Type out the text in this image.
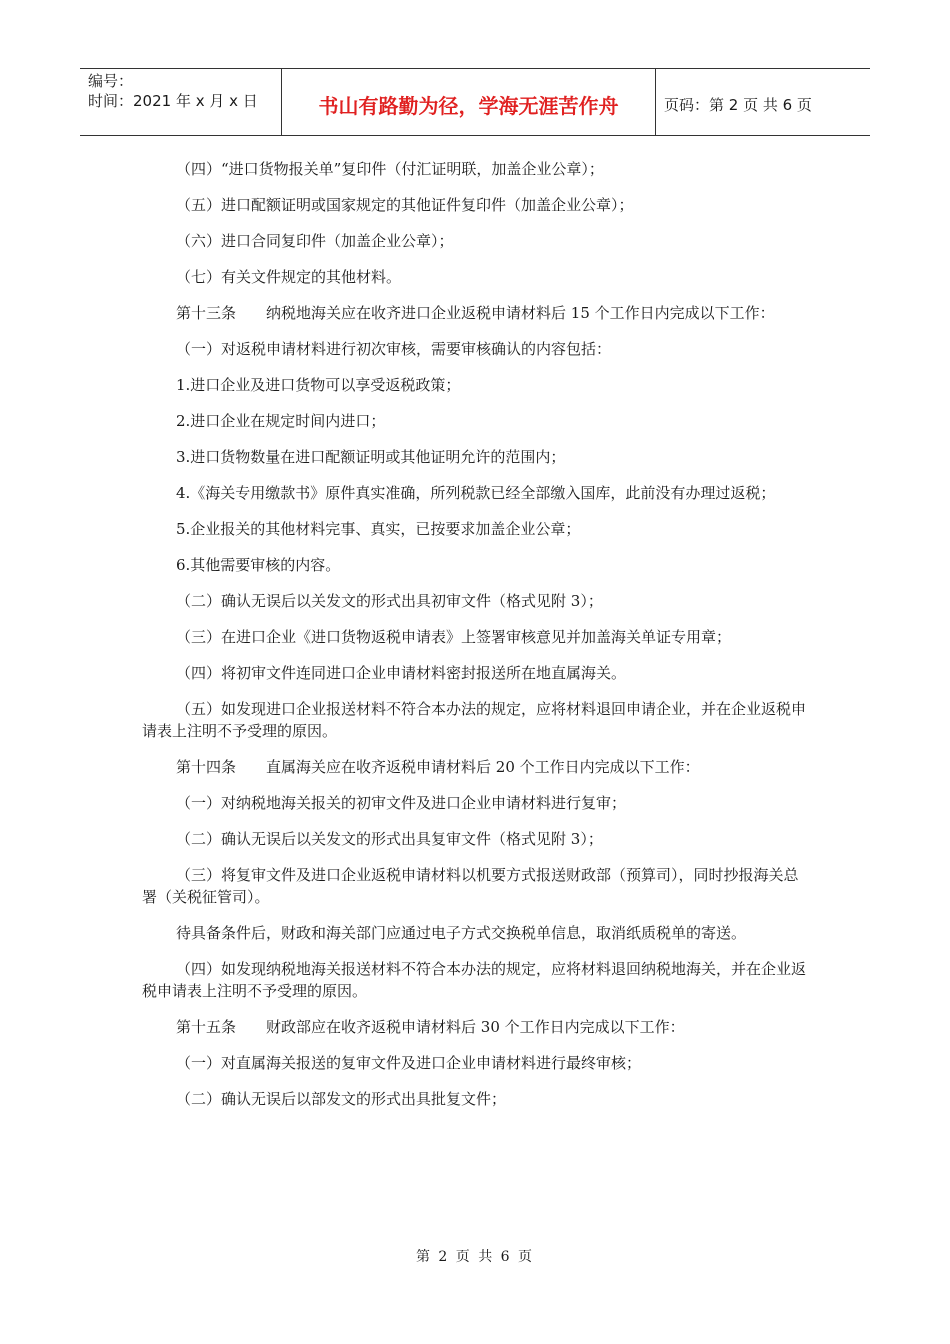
编号：
时间：2021 年 x 月 x 日	书山有路勤为径，学海无涯苦作舟	页码：第 2 页 共 6 页

（四）“进口货物报关单”复印件（付汇证明联，加盖企业公章）；

（五）进口配额证明或国家规定的其他证件复印件（加盖企业公章）；

（六）进口合同复印件（加盖企业公章）；

（七）有关文件规定的其他材料。

第十三条　　纳税地海关应在收齐进口企业返税申请材料后 15 个工作日内完成以下工作：

（一）对返税申请材料进行初次审核，需要审核确认的内容包括：

1.进口企业及进口货物可以享受返税政策；

2.进口企业在规定时间内进口；

3.进口货物数量在进口配额证明或其他证明允许的范围内；

4.《海关专用缴款书》原件真实准确，所列税款已经全部缴入国库，此前没有办理过返税；

5.企业报关的其他材料完事、真实，已按要求加盖企业公章；

6.其他需要审核的内容。

（二）确认无误后以关发文的形式出具初审文件（格式见附 3）；

（三）在进口企业《进口货物返税申请表》上签署审核意见并加盖海关单证专用章；

（四）将初审文件连同进口企业申请材料密封报送所在地直属海关。

（五）如发现进口企业报送材料不符合本办法的规定，应将材料退回申请企业，并在企业返税申请表上注明不予受理的原因。

第十四条　　直属海关应在收齐返税申请材料后 20 个工作日内完成以下工作：

（一）对纳税地海关报关的初审文件及进口企业申请材料进行复审；

（二）确认无误后以关发文的形式出具复审文件（格式见附 3）；

（三）将复审文件及进口企业返税申请材料以机要方式报送财政部（预算司），同时抄报海关总署（关税征管司）。

待具备条件后，财政和海关部门应通过电子方式交换税单信息，取消纸质税单的寄送。

（四）如发现纳税地海关报送材料不符合本办法的规定，应将材料退回纳税地海关，并在企业返税申请表上注明不予受理的原因。

第十五条　　财政部应在收齐返税申请材料后 30 个工作日内完成以下工作：

（一）对直属海关报送的复审文件及进口企业申请材料进行最终审核；

（二）确认无误后以部发文的形式出具批复文件；

第 2 页 共 6 页
